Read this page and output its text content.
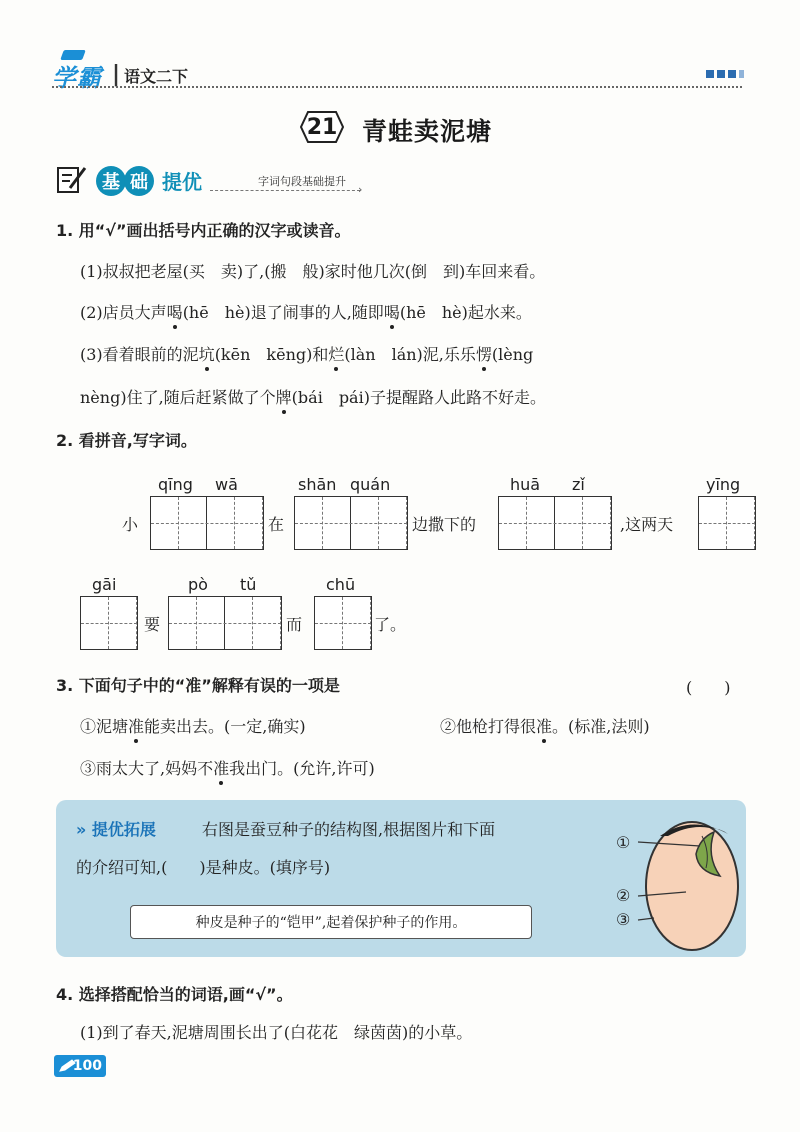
学霸 | 语文二下
21 青蛙卖泥塘
基 础 提优	字词句段基础提升
›
1. 用“√”画出括号内正确的汉字或读音。
(1)叔叔把老屋(买　卖)了,(搬　般)家时他几次(倒　到)车回来看。
(2)店员大声喝(hē　hè)退了闹事的人,随即喝(hē　hè)起水来。
(3)看着眼前的泥坑(kēn　kēng)和烂(làn　lán)泥,乐乐愣(lèng
nèng)住了,随后赶紧做了个牌(bái　pái)子提醒路人此路不好走。
2. 看拼音,写字词。
qīng wā
小
shān quán
在
huā zǐ
边撒下的
yīng
,这两天
gāi
要
pò tǔ
而
chū
了。
3. 下面句子中的“准”解释有误的一项是	(　　)
①泥塘准能卖出去。(一定,确实)	②他枪打得很准。(标准,法则)
③雨太大了,妈妈不准我出门。(允许,许可)
» 提优拓展	右图是蚕豆种子的结构图,根据图片和下面
的介绍可知,(　　)是种皮。(填序号)
种皮是种子的“铠甲”,起着保护种子的作用。
①
②
③
4. 选择搭配恰当的词语,画“√”。
(1)到了春天,泥塘周围长出了(白花花　绿茵茵)的小草。
100
